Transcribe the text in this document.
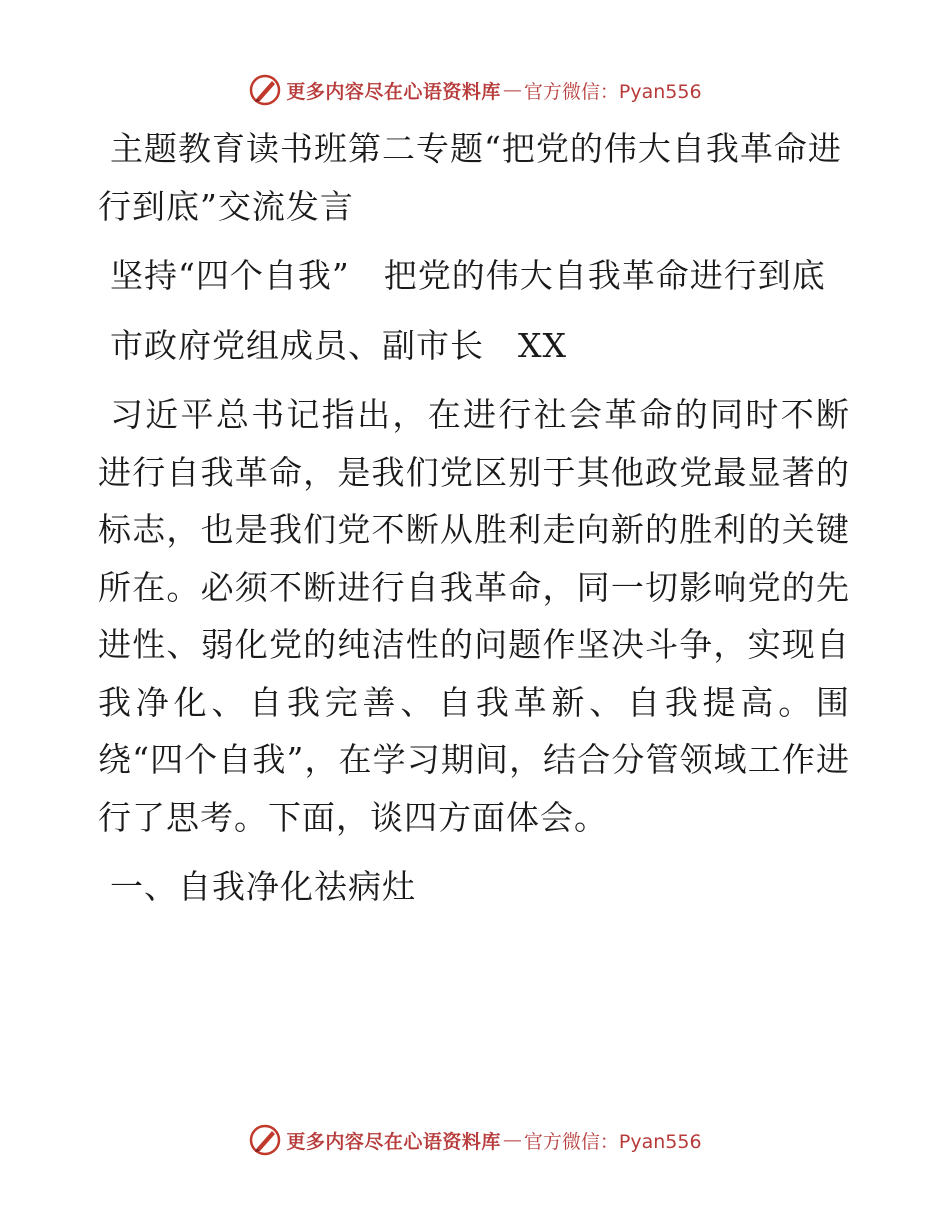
更多内容尽在心语资料库 — 官方微信：Pyan556

主题教育读书班第二专题“把党的伟大自我革命进行到底”交流发言

坚持“四个自我”　把党的伟大自我革命进行到底

市政府党组成员、副市长　XX

习近平总书记指出，在进行社会革命的同时不断进行自我革命，是我们党区别于其他政党最显著的标志，也是我们党不断从胜利走向新的胜利的关键所在。必须不断进行自我革命，同一切影响党的先进性、弱化党的纯洁性的问题作坚决斗争，实现自我净化、自我完善、自我革新、自我提高。围绕“四个自我”，在学习期间，结合分管领域工作进行了思考。下面，谈四方面体会。

一、自我净化祛病灶

更多内容尽在心语资料库 — 官方微信：Pyan556
